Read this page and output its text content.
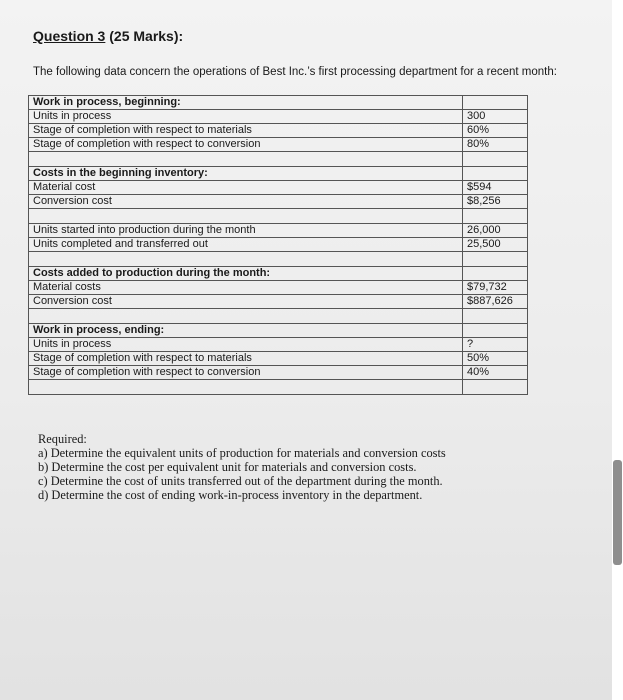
Question 3 (25 Marks):
The following data concern the operations of Best Inc.’s first processing department for a recent month:
Work in process, beginning:	
Units in process	300
Stage of completion with respect to materials	60%
Stage of completion with respect to conversion	80%

Costs in the beginning inventory:	
Material cost	$594
Conversion cost	$8,256

Units started into production during the month	26,000
Units completed and transferred out	25,500

Costs added to production during the month:	
Material costs	$79,732
Conversion cost	$887,626

Work in process, ending:	
Units in process	?
Stage of completion with respect to materials	50%
Stage of completion with respect to conversion	40%

Required:
a) Determine the equivalent units of production for materials and conversion costs
b) Determine the cost per equivalent unit for materials and conversion costs.
c) Determine the cost of units transferred out of the department during the month.
d) Determine the cost of ending work-in-process inventory in the department.
